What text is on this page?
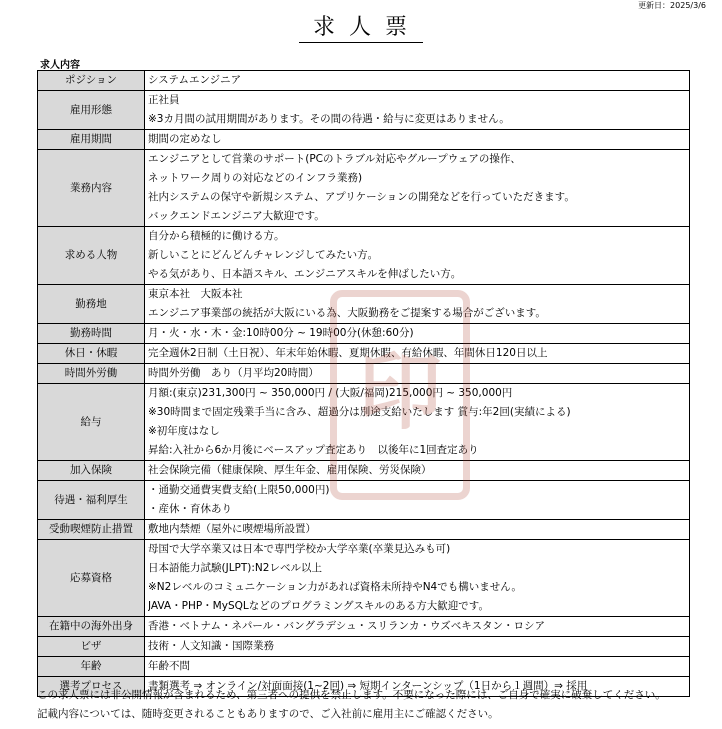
更新日：2025/3/6
求人票
求人内容
ポジション	システムエンジニア

雇用形態	正社員
※3カ月間の試用期間があります。その間の待遇・給与に変更はありません。

雇用期間	期間の定めなし

業務内容	エンジニアとして営業のサポート(PCのトラブル対応やグループウェアの操作、
ネットワーク周りの対応などのインフラ業務)
社内システムの保守や新規システム、アプリケーションの開発などを行っていただきます。
バックエンドエンジニア大歓迎です。

求める人物	自分から積極的に働ける方。
新しいことにどんどんチャレンジしてみたい方。
やる気があり、日本語スキル、エンジニアスキルを伸ばしたい方。

勤務地	東京本社　大阪本社
エンジニア事業部の統括が大阪にいる為、大阪勤務をご提案する場合がございます。

勤務時間	月・火・水・木・金:10時00分 ~ 19時00分(休憩:60分)

休日・休暇	完全週休2日制（土日祝）、年末年始休暇、夏期休暇、有給休暇、年間休日120日以上

時間外労働	時間外労働　あり（月平均20時間）

給与	月額:(東京)231,300円 ~ 350,000円 / (大阪/福岡)215,000円 ~ 350,000円
※30時間まで固定残業手当に含み、超過分は別途支給いたします 賞与:年2回(実績による)
※初年度はなし
昇給:入社から6か月後にベースアップ査定あり　以後年に1回査定あり

加入保険	社会保険完備（健康保険、厚生年金、雇用保険、労災保険）

待遇・福利厚生	・通勤交通費実費支給(上限50,000円)
・産休・育休あり

受動喫煙防止措置	敷地内禁煙（屋外に喫煙場所設置）

応募資格	母国で大学卒業又は日本で専門学校か大学卒業(卒業見込みも可)
日本語能力試験(JLPT):N2レベル以上
※N2レベルのコミュニケーション力があれば資格未所持やN4でも構いません。
JAVA・PHP・MySQLなどのプログラミングスキルのある方大歓迎です。

在籍中の海外出身	香港・ベトナム・ネパール・バングラデシュ・スリランカ・ウズベキスタン・ロシア

ビザ	技術・人文知識・国際業務

年齢	年齢不問

選考プロセス	書類選考 ⇒ オンライン/対面面接(1~2回) ⇒ 短期インターンシップ（1日から１週間）⇒ 採用
印
この求人票には非公開情報が含まれるため、第三者への提供を禁止します。不要になった際には、ご自身で確実に破棄してください。
記載内容については、随時変更されることもありますので、ご入社前に雇用主にご確認ください。
